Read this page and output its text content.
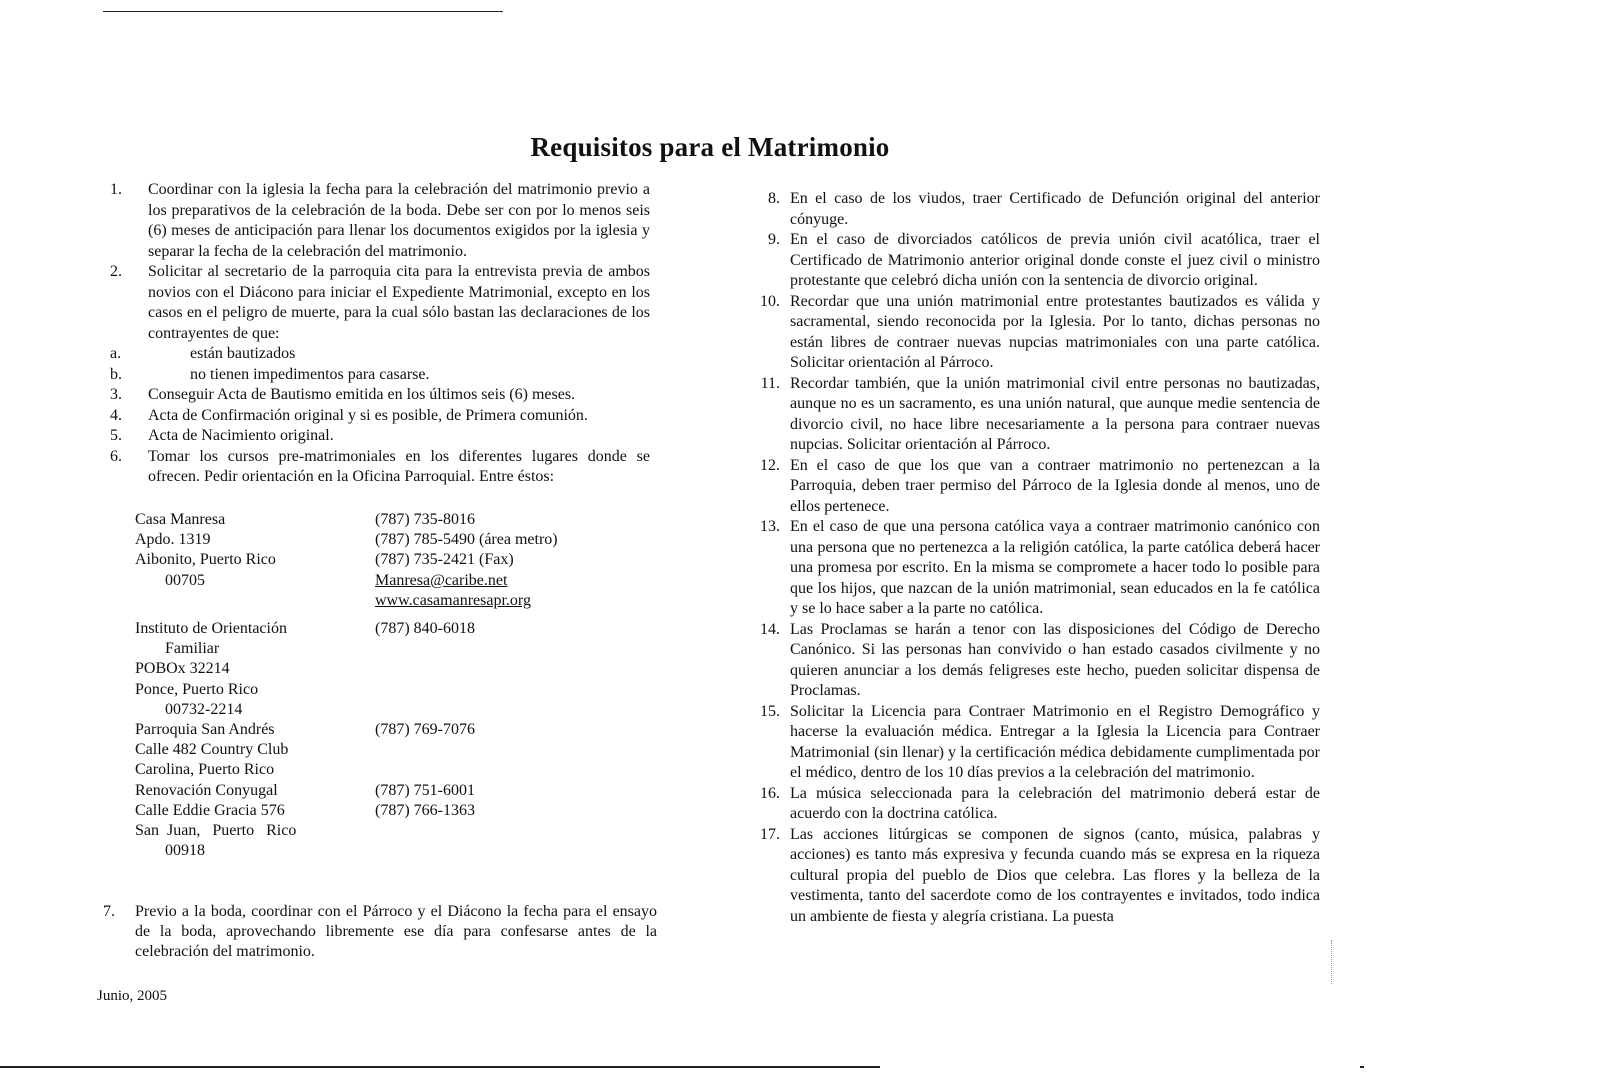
Requisitos para el Matrimonio

1. Coordinar con la iglesia la fecha para la celebración del matrimonio previo a los preparativos de la celebración de la boda. Debe ser con por lo menos seis (6) meses de anticipación para llenar los documentos exigidos por la iglesia y separar la fecha de la celebración del matrimonio.

2. Solicitar al secretario de la parroquia cita para la entrevista previa de ambos novios con el Diácono para iniciar el Expediente Matrimonial, excepto en los casos en el peligro de muerte, para la cual sólo bastan las declaraciones de los contrayentes de que:

a.	están bautizados

b.	no tienen impedimentos para casarse.

3. Conseguir Acta de Bautismo emitida en los últimos seis (6) meses.

4. Acta de Confirmación original y si es posible, de Primera comunión.

5. Acta de Nacimiento original.

6. Tomar los cursos pre-matrimoniales en los diferentes lugares donde se ofrecen. Pedir orientación en la Oficina Parroquial. Entre éstos:

Casa Manresa
Apdo. 1319
Aibonito, Puerto Rico
00705
(787) 735-8016
(787) 785-5490 (área metro)
(787) 735-2421 (Fax)
Manresa@caribe.net
www.casamanresapr.org
Instituto de Orientación
Familiar
POBOx 32214
Ponce, Puerto Rico
00732-2214
(787) 840-6018
Parroquia San Andrés
Calle 482 Country Club
Carolina, Puerto Rico
(787) 769-7076
Renovación Conyugal
Calle Eddie Gracia 576
San  Juan,   Puerto   Rico
00918
(787) 751-6001
(787) 766-1363

7. Previo a la boda, coordinar con el Párroco y el Diácono la fecha para el ensayo de la boda, aprovechando libremente ese día para confesarse antes de la celebración del matrimonio.

8. En el caso de los viudos, traer Certificado de Defunción original del anterior cónyuge.

9. En el caso de divorciados católicos de previa unión civil acatólica, traer el Certificado de Matrimonio anterior original donde conste el juez civil o ministro protestante que celebró dicha unión con la sentencia de divorcio original.

10. Recordar que una unión matrimonial entre protestantes bautizados es válida y sacramental, siendo reconocida por la Iglesia. Por lo tanto, dichas personas no están libres de contraer nuevas nupcias matrimoniales con una parte católica. Solicitar orientación al Párroco.

11. Recordar también, que la unión matrimonial civil entre personas no bautizadas, aunque no es un sacramento, es una unión natural, que aunque medie sentencia de divorcio civil, no hace libre necesariamente a la persona para contraer nuevas nupcias. Solicitar orientación al Párroco.

12. En el caso de que los que van a contraer matrimonio no pertenezcan a la Parroquia, deben traer permiso del Párroco de la Iglesia donde al menos, uno de ellos pertenece.

13. En el caso de que una persona católica vaya a contraer matrimonio canónico con una persona que no pertenezca a la religión católica, la parte católica deberá hacer una promesa por escrito. En la misma se compromete a hacer todo lo posible para que los hijos, que nazcan de la unión matrimonial, sean educados en la fe católica y se lo hace saber a la parte no católica.

14. Las Proclamas se harán a tenor con las disposiciones del Código de Derecho Canónico. Si las personas han convivido o han estado casados civilmente y no quieren anunciar a los demás feligreses este hecho, pueden solicitar dispensa de Proclamas.

15. Solicitar la Licencia para Contraer Matrimonio en el Registro Demográfico y hacerse la evaluación médica. Entregar a la Iglesia la Licencia para Contraer Matrimonial (sin llenar) y la certificación médica debidamente cumplimentada por el médico, dentro de los 10 días previos a la celebración del matrimonio.

16. La música seleccionada para la celebración del matrimonio deberá estar de acuerdo con la doctrina católica.

17. Las acciones litúrgicas se componen de signos (canto, música, palabras y acciones) es tanto más expresiva y fecunda cuando más se expresa en la riqueza cultural propia del pueblo de Dios que celebra. Las flores y la belleza de la vestimenta, tanto del sacerdote como de los contrayentes e invitados, todo indica un ambiente de fiesta y alegría cristiana. La puesta

Junio, 2005
